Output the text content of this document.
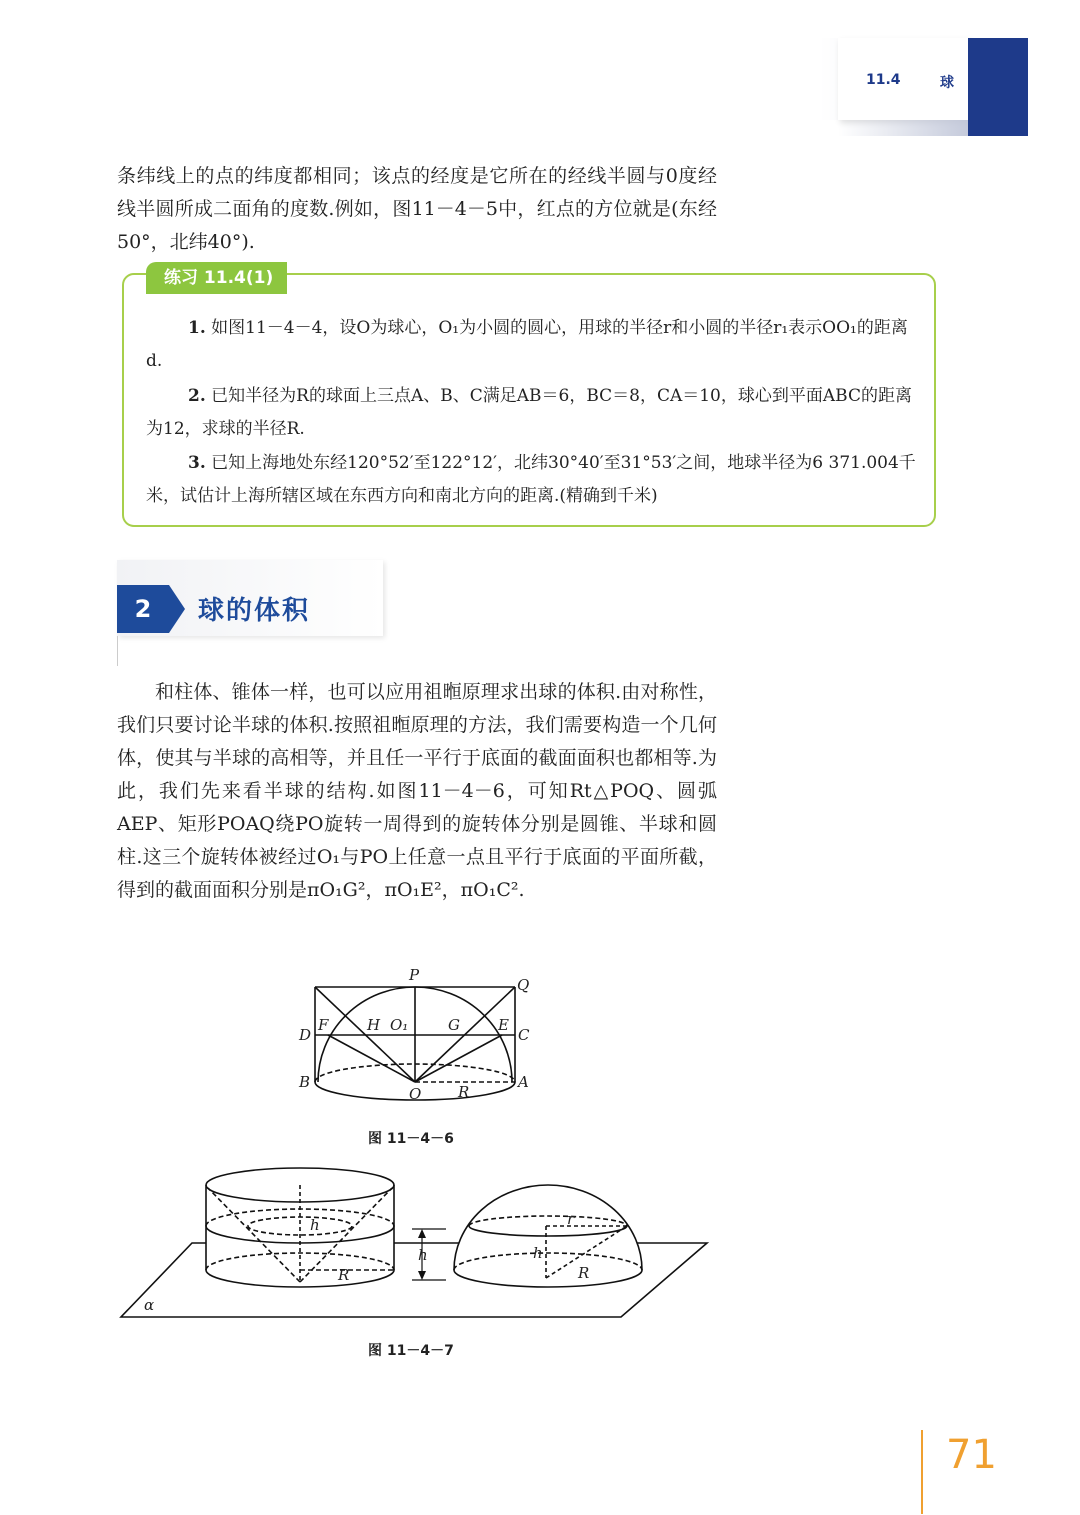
11.4	球
条纬线上的点的纬度都相同；该点的经度是它所在的经线半圆与0度经线半圆所成二面角的度数.例如，图11－4－5中，红点的方位就是(东经50°，北纬40°).
练习 11.4(1)
1. 如图11－4－4，设O为球心，O₁为小圆的圆心，用球的半径r和小圆的半径r₁表示OO₁的距离d.
2. 已知半径为R的球面上三点A、B、C满足AB＝6，BC＝8，CA＝10，球心到平面ABC的距离为12，求球的半径R.
3. 已知上海地处东经120°52′至122°12′，北纬30°40′至31°53′之间，地球半径为6 371.004千米，试估计上海所辖区域在东西方向和南北方向的距离.(精确到千米)
2	球的体积
和柱体、锥体一样，也可以应用祖暅原理求出球的体积.由对称性，我们只要讨论半球的体积.按照祖暅原理的方法，我们需要构造一个几何体，使其与半球的高相等，并且任一平行于底面的截面面积也都相等.为此，我们先来看半球的结构.如图11－4－6，可知Rt△POQ、圆弧AEP、矩形POAQ绕PO旋转一周得到的旋转体分别是圆锥、半球和圆柱.这三个旋转体被经过O₁与PO上任意一点且平行于底面的平面所截，得到的截面面积分别是πO₁G²，πO₁E²，πO₁C².
P
Q
D
F	H O₁	G	E
C
B
O R
A
图 11－4－6
h
R
h
r
h
R
α
图 11－4－7
71
